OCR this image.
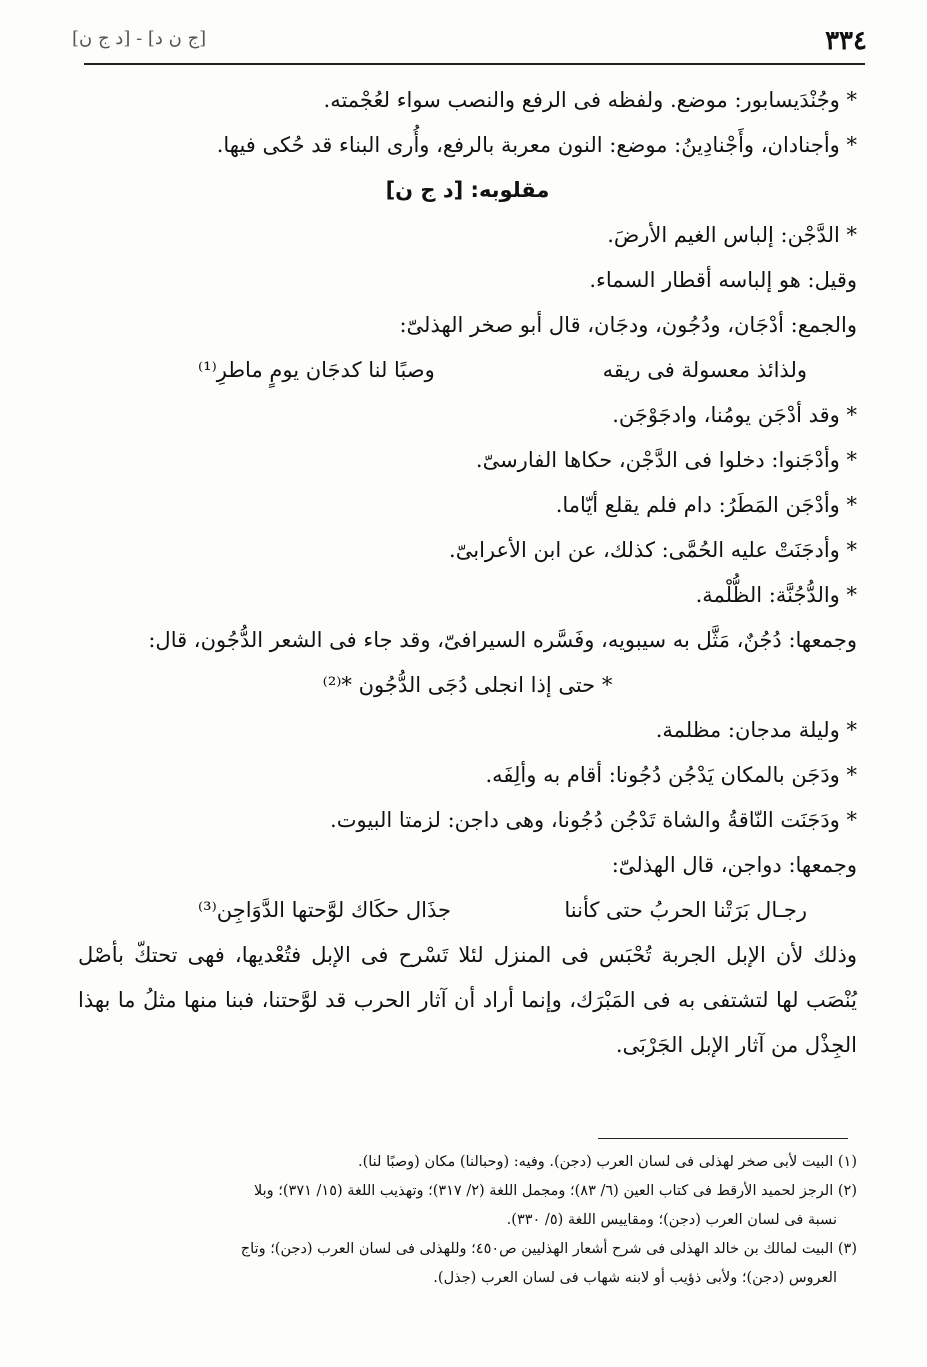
٣٣٤
[ج ن د] - [د ج ن]

* وجُنْدَيسابور: موضع. ولفظه فى الرفع والنصب سواء لعُجْمته.

* وأجنادان، وأَجْنادِينُ: موضع: النون معربة بالرفع، وأُرى البناء قد حُكى فيها.

مقلوبه: [د ج ن]

* الدَّجْن: إلباس الغيم الأرضَ.

وقيل: هو إلباسه أقطار السماء.

والجمع: أدْجَان، ودُجُون، ودجَان، قال أبو صخر الهذلىّ:

ولذائذ معسولة فى ريقه
وصبًا لنا كدجَان يومٍ ماطرِ⁽¹⁾

* وقد أدْجَن يومُنا، وادجَوْجَن.

* وأدْجَنوا: دخلوا فى الدَّجْن، حكاها الفارسىّ.

* وأدْجَن المَطَرُ: دام فلم يقلع أيّاما.

* وأدجَنَتْ عليه الحُمَّى: كذلك، عن ابن الأعرابىّ.

* والدُّجُنَّة: الظُّلْمة.

وجمعها: دُجُنٌ، مَثَّل به سيبويه، وفَسَّره السيرافىّ، وقد جاء فى الشعر الدُّجُون، قال:

* حتى إذا انجلى دُجَى الدُّجُون *⁽²⁾

* وليلة مدجان: مظلمة.

* ودَجَن بالمكان يَدْجُن دُجُونا: أقام به وألِفَه.

* ودَجَنَت النّاقةُ والشاة تَدْجُن دُجُونا، وهى داجن: لزمتا البيوت.

وجمعها: دواجن، قال الهذلىّ:

رجـال بَرَتْنا الحربُ حتى كأننا
جذَال حكَاك لوَّحتها الدَّوَاجِن⁽³⁾

وذلك لأن الإبل الجربة تُحْبَس فى المنزل لئلا تَسْرح فى الإبل فتُعْديها، فهى تحتكّ بأصْل يُنْصَب لها لتشتفى به فى المَبْرَك، وإنما أراد أن آثار الحرب قد لوَّحتنا، فبنا منها مثلُ ما بهذا الجِذْل من آثار الإبل الجَرْبَى.

(١) البيت لأبى صخر لهذلى فى لسان العرب (دجن). وفيه: (وحبالنا) مكان (وصبًا لنا).

(٢) الرجز لحميد الأرقط فى كتاب العين (٦/ ٨٣)؛ ومجمل اللغة (٢/ ٣١٧)؛ وتهذيب اللغة (١٥/ ٣٧١)؛ وبلا

نسبة فى لسان العرب (دجن)؛ ومقاييس اللغة (٥/ ٣٣٠).

(٣) البيت لمالك بن خالد الهذلى فى شرح أشعار الهذليين ص٤٥٠؛ وللهذلى فى لسان العرب (دجن)؛ وتاج

العروس (دجن)؛ ولأبى ذؤيب أو لابنه شهاب فى لسان العرب (جذل).
